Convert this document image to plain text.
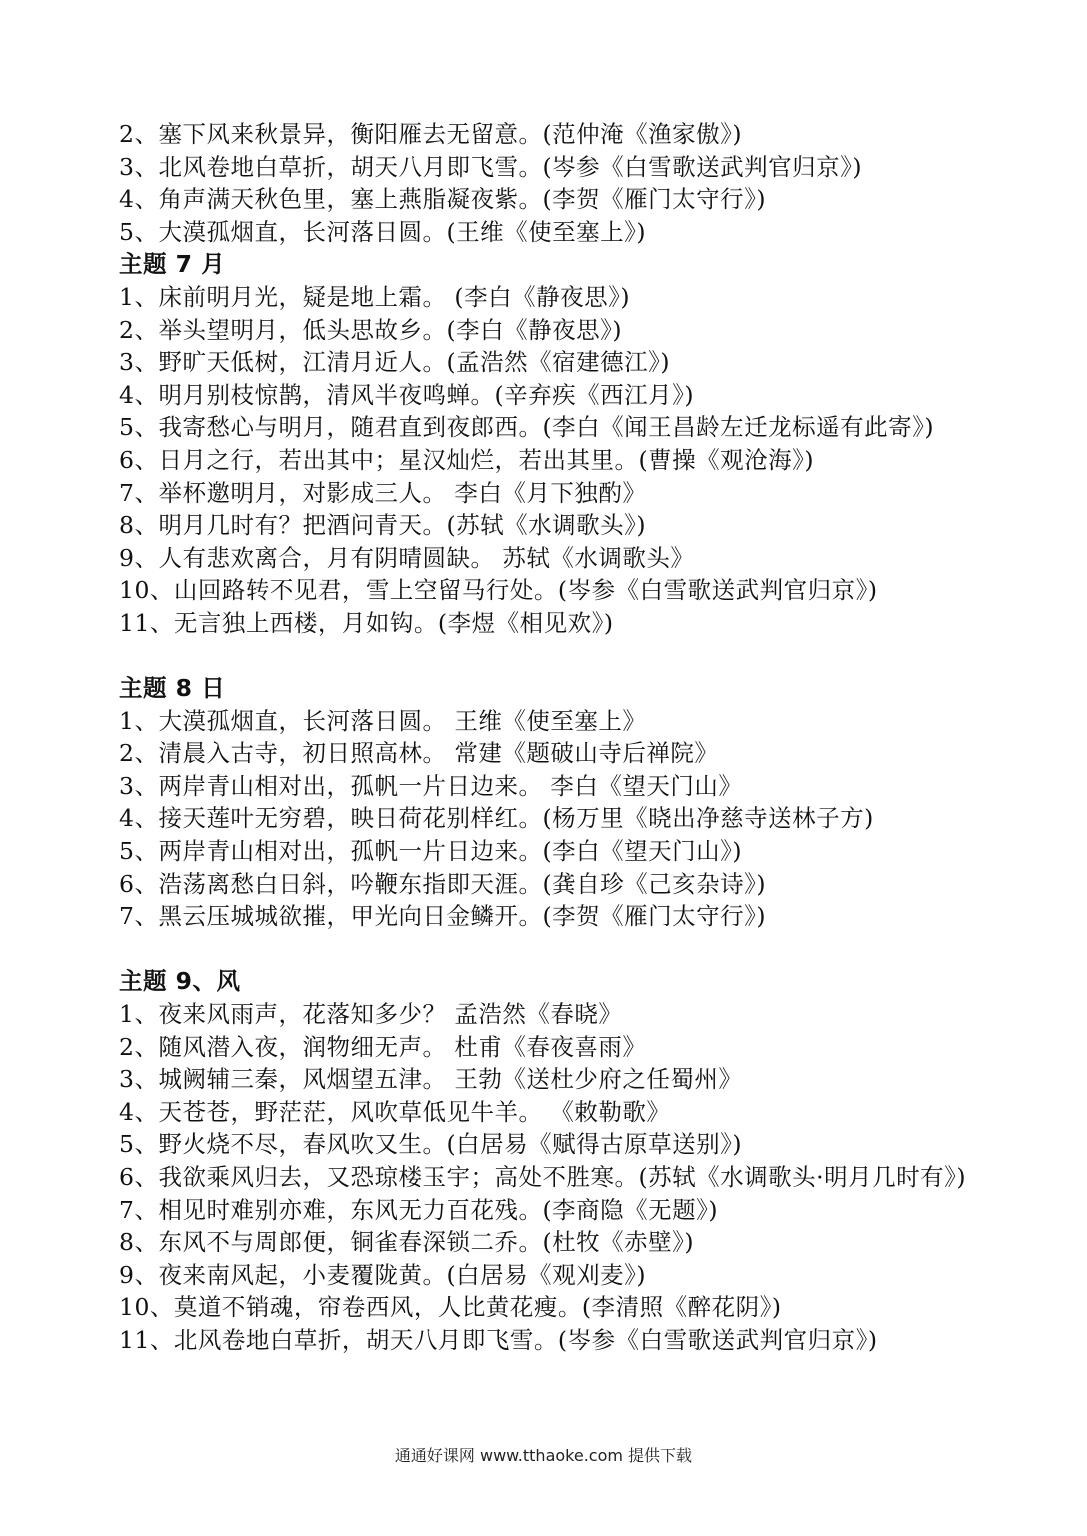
2、塞下风来秋景异，衡阳雁去无留意。(范仲淹《渔家傲》)
3、北风卷地白草折，胡天八月即飞雪。(岑参《白雪歌送武判官归京》)
4、角声满天秋色里，塞上燕脂凝夜紫。(李贺《雁门太守行》)
5、大漠孤烟直，长河落日圆。(王维《使至塞上》)
主题 7 月
1、床前明月光，疑是地上霜。 (李白《静夜思》)
2、举头望明月，低头思故乡。(李白《静夜思》)
3、野旷天低树，江清月近人。(孟浩然《宿建德江》)
4、明月别枝惊鹊，清风半夜鸣蝉。(辛弃疾《西江月》)
5、我寄愁心与明月，随君直到夜郎西。(李白《闻王昌龄左迁龙标遥有此寄》)
6、日月之行，若出其中；星汉灿烂，若出其里。(曹操《观沧海》)
7、举杯邀明月，对影成三人。 李白《月下独酌》
8、明月几时有？把酒问青天。(苏轼《水调歌头》)
9、人有悲欢离合，月有阴晴圆缺。 苏轼《水调歌头》
10、山回路转不见君，雪上空留马行处。(岑参《白雪歌送武判官归京》)
11、无言独上西楼，月如钩。(李煜《相见欢》)
主题 8 日
1、大漠孤烟直，长河落日圆。 王维《使至塞上》
2、清晨入古寺，初日照高林。 常建《题破山寺后禅院》
3、两岸青山相对出，孤帆一片日边来。 李白《望天门山》
4、接天莲叶无穷碧，映日荷花别样红。(杨万里《晓出净慈寺送林子方)
5、两岸青山相对出，孤帆一片日边来。(李白《望天门山》)
6、浩荡离愁白日斜，吟鞭东指即天涯。(龚自珍《己亥杂诗》)
7、黑云压城城欲摧，甲光向日金鳞开。(李贺《雁门太守行》)
主题 9、风
1、夜来风雨声，花落知多少？ 孟浩然《春晓》
2、随风潜入夜，润物细无声。 杜甫《春夜喜雨》
3、城阙辅三秦，风烟望五津。 王勃《送杜少府之任蜀州》
4、天苍苍，野茫茫，风吹草低见牛羊。 《敕勒歌》
5、野火烧不尽，春风吹又生。(白居易《赋得古原草送别》)
6、我欲乘风归去，又恐琼楼玉宇；高处不胜寒。(苏轼《水调歌头·明月几时有》)
7、相见时难别亦难，东风无力百花残。(李商隐《无题》)
8、东风不与周郎便，铜雀春深锁二乔。(杜牧《赤壁》)
9、夜来南风起，小麦覆陇黄。(白居易《观刈麦》)
10、莫道不销魂，帘卷西风，人比黄花瘦。(李清照《醉花阴》)
11、北风卷地白草折，胡天八月即飞雪。(岑参《白雪歌送武判官归京》)
通通好课网 www.tthaoke.com 提供下载
